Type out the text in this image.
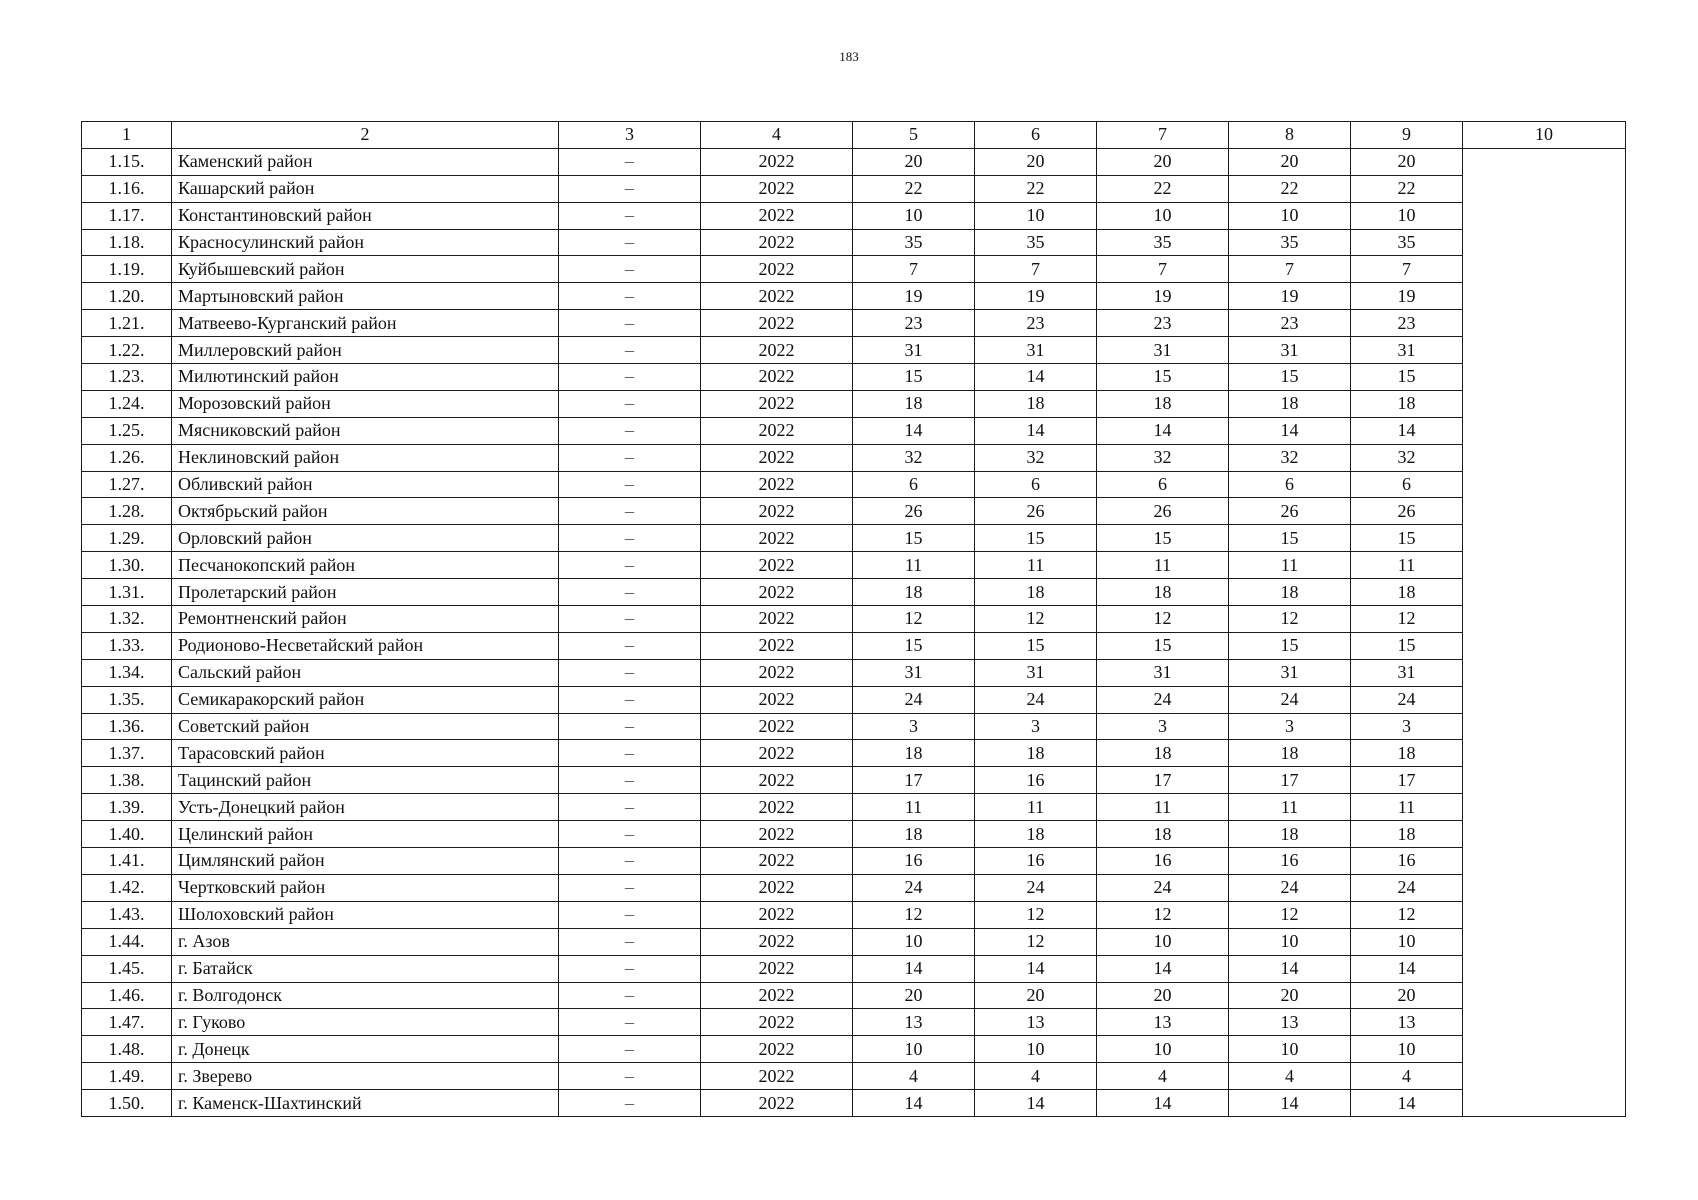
183
1	2	3	4	5	6	7	8	9	10
1.15.	Каменский район	–	2022	20	20	20	20	20	
1.16.	Кашарский район	–	2022	22	22	22	22	22	
1.17.	Константиновский район	–	2022	10	10	10	10	10	
1.18.	Красносулинский район	–	2022	35	35	35	35	35	
1.19.	Куйбышевский район	–	2022	7	7	7	7	7	
1.20.	Мартыновский район	–	2022	19	19	19	19	19	
1.21.	Матвеево-Курганский район	–	2022	23	23	23	23	23	
1.22.	Миллеровский район	–	2022	31	31	31	31	31	
1.23.	Милютинский район	–	2022	15	14	15	15	15	
1.24.	Морозовский район	–	2022	18	18	18	18	18	
1.25.	Мясниковский район	–	2022	14	14	14	14	14	
1.26.	Неклиновский район	–	2022	32	32	32	32	32	
1.27.	Обливский район	–	2022	6	6	6	6	6	
1.28.	Октябрьский район	–	2022	26	26	26	26	26	
1.29.	Орловский район	–	2022	15	15	15	15	15	
1.30.	Песчанокопский район	–	2022	11	11	11	11	11	
1.31.	Пролетарский район	–	2022	18	18	18	18	18	
1.32.	Ремонтненский район	–	2022	12	12	12	12	12	
1.33.	Родионово-Несветайский район	–	2022	15	15	15	15	15	
1.34.	Сальский район	–	2022	31	31	31	31	31	
1.35.	Семикаракорский район	–	2022	24	24	24	24	24	
1.36.	Советский район	–	2022	3	3	3	3	3	
1.37.	Тарасовский район	–	2022	18	18	18	18	18	
1.38.	Тацинский район	–	2022	17	16	17	17	17	
1.39.	Усть-Донецкий район	–	2022	11	11	11	11	11	
1.40.	Целинский район	–	2022	18	18	18	18	18	
1.41.	Цимлянский район	–	2022	16	16	16	16	16	
1.42.	Чертковский район	–	2022	24	24	24	24	24	
1.43.	Шолоховский район	–	2022	12	12	12	12	12	
1.44.	г. Азов	–	2022	10	12	10	10	10	
1.45.	г. Батайск	–	2022	14	14	14	14	14	
1.46.	г. Волгодонск	–	2022	20	20	20	20	20	
1.47.	г. Гуково	–	2022	13	13	13	13	13	
1.48.	г. Донецк	–	2022	10	10	10	10	10	
1.49.	г. Зверево	–	2022	4	4	4	4	4	
1.50.	г. Каменск-Шахтинский	–	2022	14	14	14	14	14	
